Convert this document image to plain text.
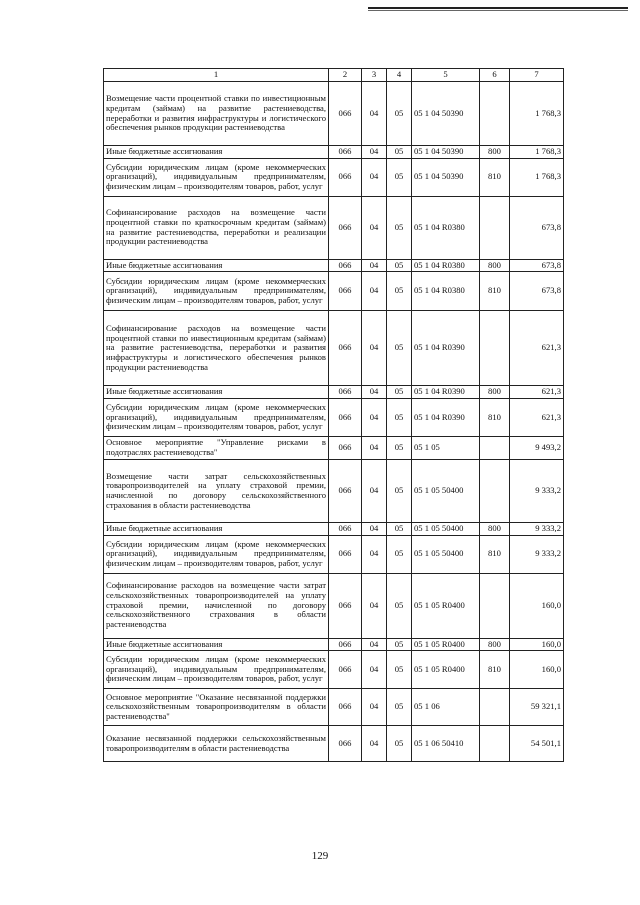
1	2	3	4	5	6	7
Возмещение части процентной ставки по инвестиционным кредитам (займам) на развитие растениеводства, переработки и развития инфраструктуры и логистического обеспечения рынков продукции растениеводства	066	04	05	05 1 04 50390		1 768,3
Иные бюджетные ассигнования	066	04	05	05 1 04 50390	800	1 768,3
Субсидии юридическим лицам (кроме некоммерческих организаций), индивидуальным предпринимателям, физическим лицам – производителям товаров, работ, услуг	066	04	05	05 1 04 50390	810	1 768,3
Софинансирование расходов на возмещение части процентной ставки по краткосрочным кредитам (займам) на развитие растениеводства, переработки и реализации продукции растениеводства	066	04	05	05 1 04 R0380		673,8
Иные бюджетные ассигнования	066	04	05	05 1 04 R0380	800	673,8
Субсидии юридическим лицам (кроме некоммерческих организаций), индивидуальным предпринимателям, физическим лицам – производителям товаров, работ, услуг	066	04	05	05 1 04 R0380	810	673,8
Софинансирование расходов на возмещение части процентной ставки по инвестиционным кредитам (займам) на развитие растениеводства, переработки и развития инфраструктуры и логистического обеспечения рынков продукции растениеводства	066	04	05	05 1 04 R0390		621,3
Иные бюджетные ассигнования	066	04	05	05 1 04 R0390	800	621,3
Субсидии юридическим лицам (кроме некоммерческих организаций), индивидуальным предпринимателям, физическим лицам – производителям товаров, работ, услуг	066	04	05	05 1 04 R0390	810	621,3
Основное мероприятие "Управление рисками в подотраслях растениеводства"	066	04	05	05 1 05		9 493,2
Возмещение части затрат сельскохозяйственных товаропроизводителей на уплату страховой премии, начисленной по договору сельскохозяйственного страхования в области растениеводства	066	04	05	05 1 05 50400		9 333,2
Иные бюджетные ассигнования	066	04	05	05 1 05 50400	800	9 333,2
Субсидии юридическим лицам (кроме некоммерческих организаций), индивидуальным предпринимателям, физическим лицам – производителям товаров, работ, услуг	066	04	05	05 1 05 50400	810	9 333,2
Софинансирование расходов на возмещение части затрат сельскохозяйственных товаропроизводителей на уплату страховой премии, начисленной по договору сельскохозяйственного страхования в области растениеводства	066	04	05	05 1 05 R0400		160,0
Иные бюджетные ассигнования	066	04	05	05 1 05 R0400	800	160,0
Субсидии юридическим лицам (кроме некоммерческих организаций), индивидуальным предпринимателям, физическим лицам – производителям товаров, работ, услуг	066	04	05	05 1 05 R0400	810	160,0
Основное мероприятие "Оказание несвязанной поддержки сельскохозяйственным товаропроизводителям в области растениеводства"	066	04	05	05 1 06		59 321,1
Оказание несвязанной поддержки сельскохозяйственным товаропроизводителям в области растениеводства	066	04	05	05 1 06 50410		54 501,1
129
